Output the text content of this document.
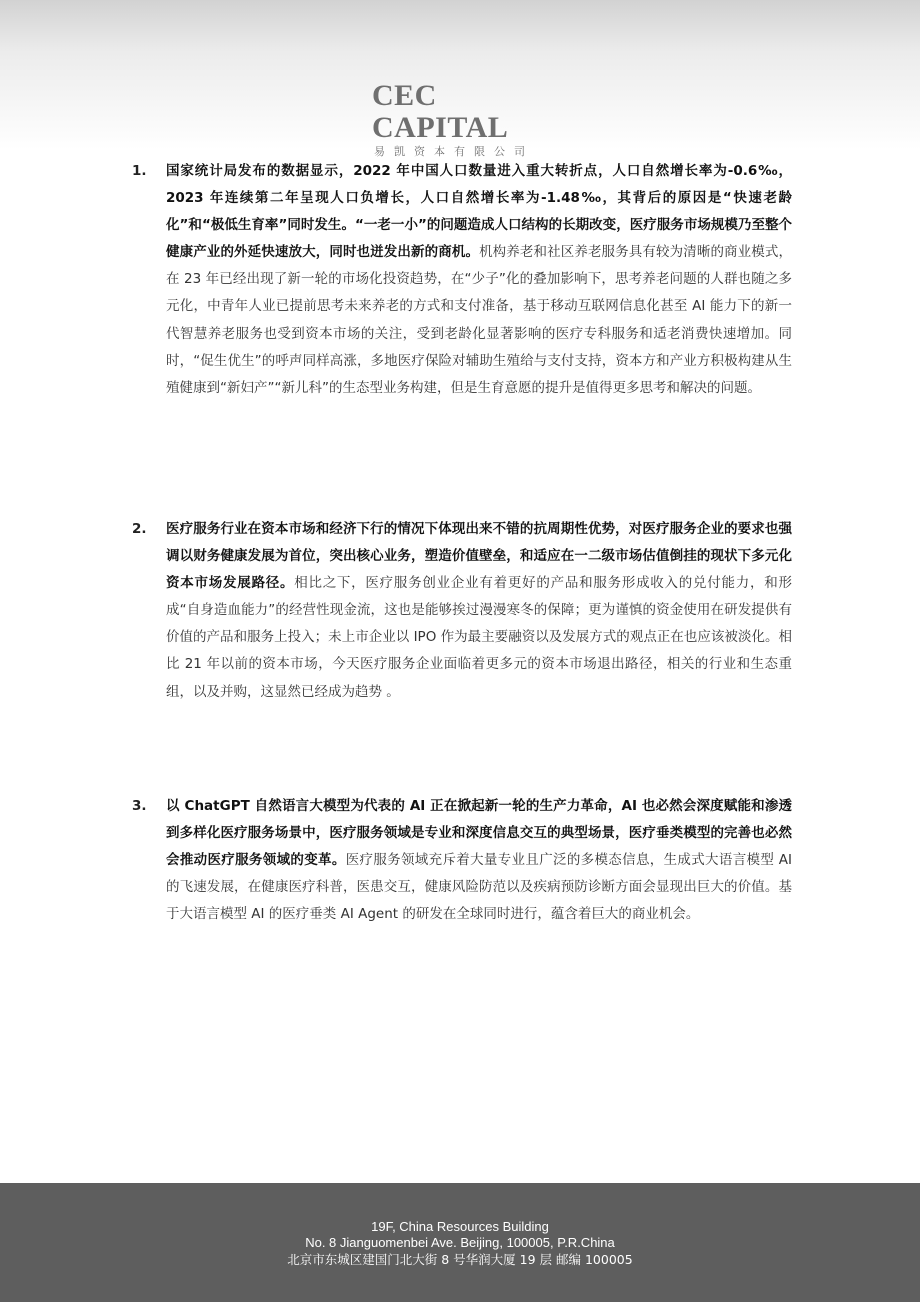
CEC CAPITAL
易凯资本有限公司
1.	国家统计局发布的数据显示，2022 年中国人口数量进入重大转折点，人口自然增长率为-0.6‰，2023 年连续第二年呈现人口负增长，人口自然增长率为-1.48‰，其背后的原因是“快速老龄化”和“极低生育率”同时发生。“一老一小”的问题造成人口结构的长期改变，医疗服务市场规模乃至整个健康产业的外延快速放大，同时也迸发出新的商机。机构养老和社区养老服务具有较为清晰的商业模式，在 23 年已经出现了新一轮的市场化投资趋势，在“少子”化的叠加影响下，思考养老问题的人群也随之多元化，中青年人业已提前思考未来养老的方式和支付准备，基于移动互联网信息化甚至 AI 能力下的新一代智慧养老服务也受到资本市场的关注，受到老龄化显著影响的医疗专科服务和适老消费快速增加。同时，“促生优生”的呼声同样高涨，多地医疗保险对辅助生殖给与支付支持，资本方和产业方积极构建从生殖健康到“新妇产”“新儿科”的生态型业务构建，但是生育意愿的提升是值得更多思考和解决的问题。

2.	医疗服务行业在资本市场和经济下行的情况下体现出来不错的抗周期性优势，对医疗服务企业的要求也强调以财务健康发展为首位，突出核心业务，塑造价值壁垒，和适应在一二级市场估值倒挂的现状下多元化资本市场发展路径。相比之下，医疗服务创业企业有着更好的产品和服务形成收入的兑付能力，和形成“自身造血能力”的经营性现金流，这也是能够挨过漫漫寒冬的保障；更为谨慎的资金使用在研发提供有价值的产品和服务上投入；未上市企业以 IPO 作为最主要融资以及发展方式的观点正在也应该被淡化。相比 21 年以前的资本市场，今天医疗服务企业面临着更多元的资本市场退出路径，相关的行业和生态重组，以及并购，这显然已经成为趋势 。

3.	以 ChatGPT 自然语言大模型为代表的 AI 正在掀起新一轮的生产力革命，AI 也必然会深度赋能和渗透到多样化医疗服务场景中，医疗服务领域是专业和深度信息交互的典型场景，医疗垂类模型的完善也必然会推动医疗服务领域的变革。医疗服务领域充斥着大量专业且广泛的多模态信息，生成式大语言模型 AI 的飞速发展，在健康医疗科普，医患交互，健康风险防范以及疾病预防诊断方面会显现出巨大的价值。基于大语言模型 AI 的医疗垂类 AI Agent 的研发在全球同时进行，蕴含着巨大的商业机会。

19F, China Resources Building
No. 8 Jianguomenbei Ave. Beijing, 100005, P.R.China
北京市东城区建国门北大街 8 号华润大厦 19 层 邮编 100005
